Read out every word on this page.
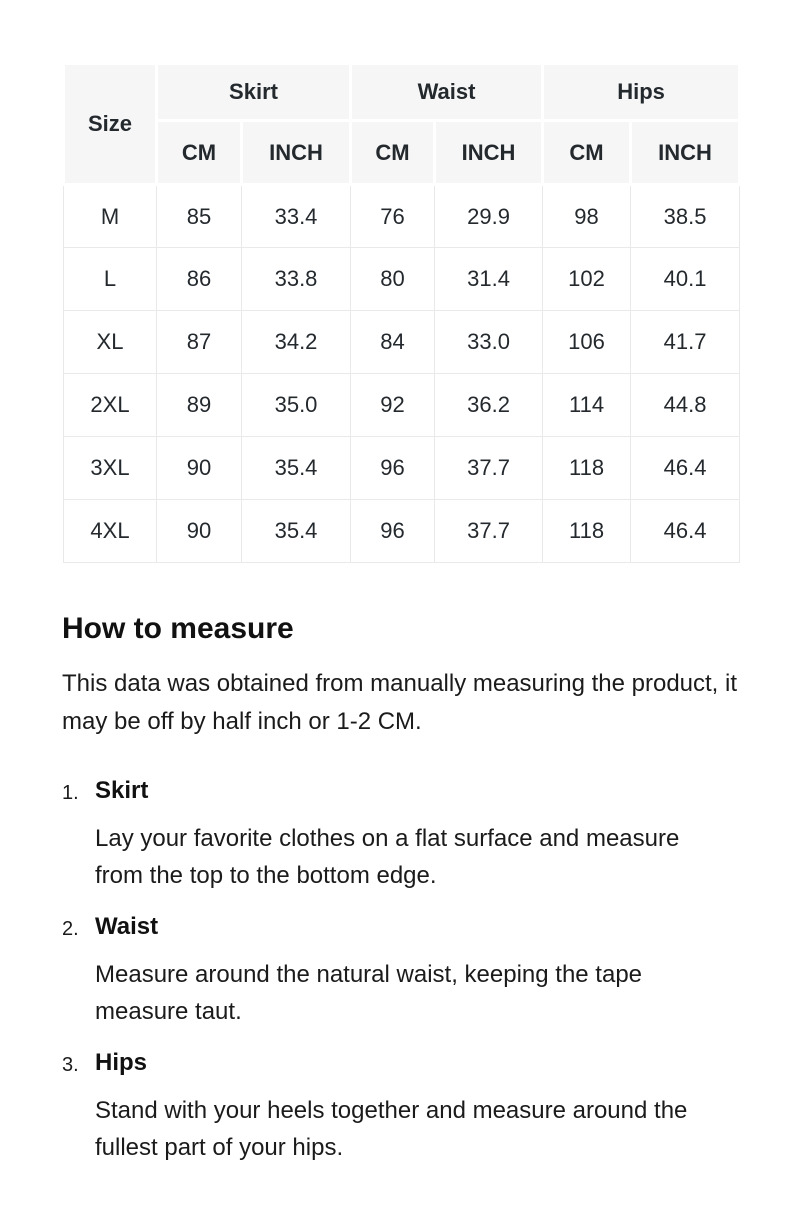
Size	Skirt		Waist		Hips	
	CM	INCH	CM	INCH	CM	INCH
M	85	33.4	76	29.9	98	38.5
L	86	33.8	80	31.4	102	40.1
XL	87	34.2	84	33.0	106	41.7
2XL	89	35.0	92	36.2	114	44.8
3XL	90	35.4	96	37.7	118	46.4
4XL	90	35.4	96	37.7	118	46.4
How to measure

This data was obtained from manually measuring the product, it may be off by half inch or 1-2 CM.

1. Skirt

Lay your favorite clothes on a flat surface and measure from the top to the bottom edge.

2. Waist

Measure around the natural waist, keeping the tape measure taut.

3. Hips

Stand with your heels together and measure around the fullest part of your hips.
